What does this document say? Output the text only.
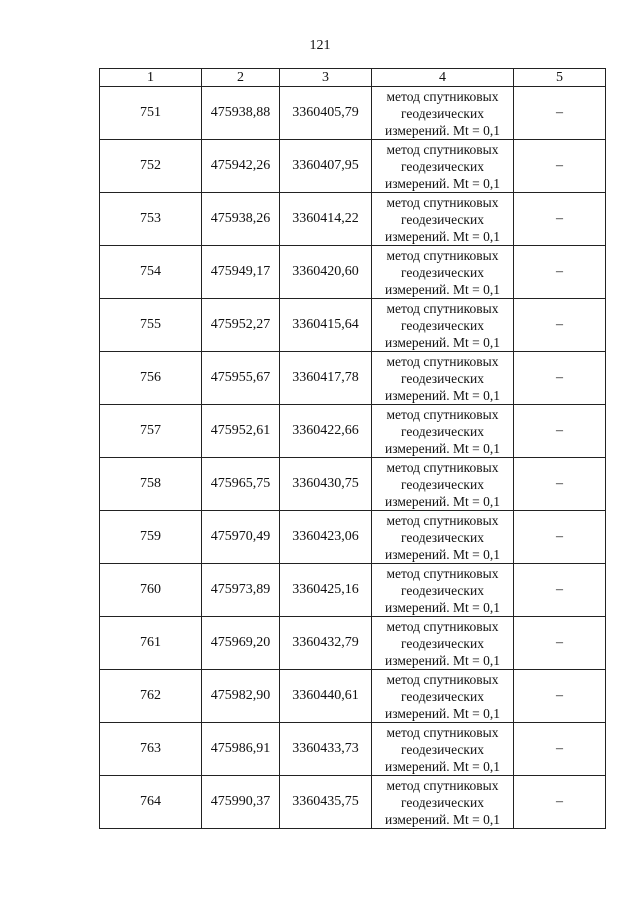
121
1	2	3	4	5
751	475938,88	3360405,79	метод спутниковых
геодезических
измерений. Mt = 0,1	–
752	475942,26	3360407,95	метод спутниковых
геодезических
измерений. Mt = 0,1	–
753	475938,26	3360414,22	метод спутниковых
геодезических
измерений. Mt = 0,1	–
754	475949,17	3360420,60	метод спутниковых
геодезических
измерений. Mt = 0,1	–
755	475952,27	3360415,64	метод спутниковых
геодезических
измерений. Mt = 0,1	–
756	475955,67	3360417,78	метод спутниковых
геодезических
измерений. Mt = 0,1	–
757	475952,61	3360422,66	метод спутниковых
геодезических
измерений. Mt = 0,1	–
758	475965,75	3360430,75	метод спутниковых
геодезических
измерений. Mt = 0,1	–
759	475970,49	3360423,06	метод спутниковых
геодезических
измерений. Mt = 0,1	–
760	475973,89	3360425,16	метод спутниковых
геодезических
измерений. Mt = 0,1	–
761	475969,20	3360432,79	метод спутниковых
геодезических
измерений. Mt = 0,1	–
762	475982,90	3360440,61	метод спутниковых
геодезических
измерений. Mt = 0,1	–
763	475986,91	3360433,73	метод спутниковых
геодезических
измерений. Mt = 0,1	–
764	475990,37	3360435,75	метод спутниковых
геодезических
измерений. Mt = 0,1	–
